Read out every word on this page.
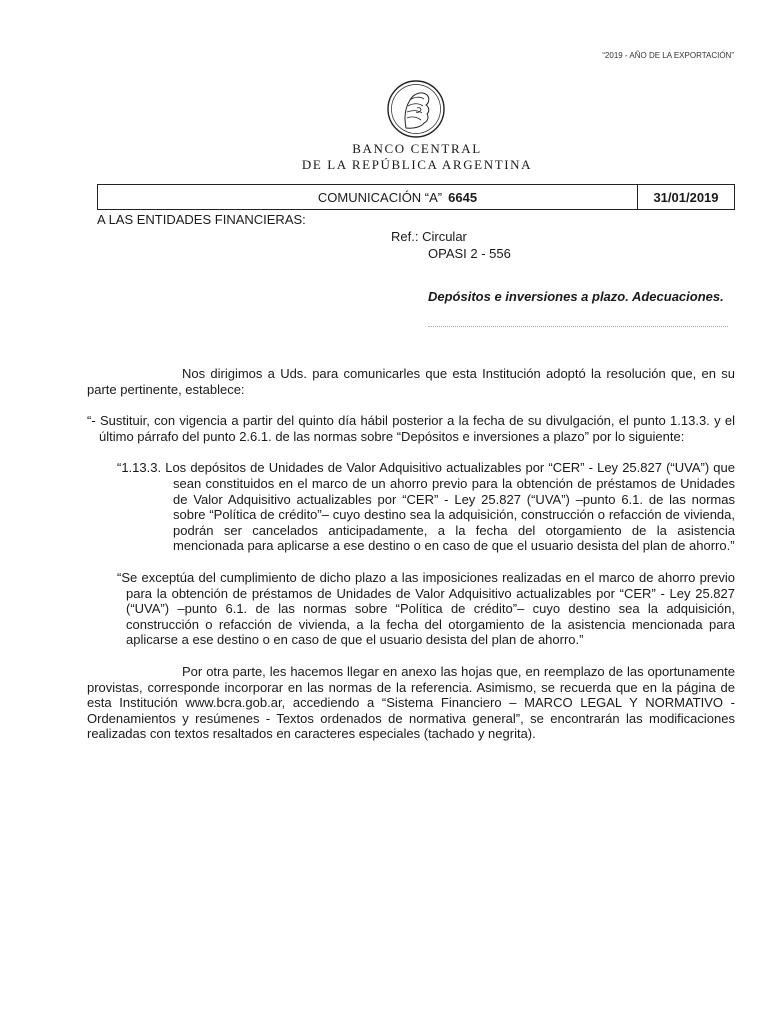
“2019 - AÑO DE LA EXPORTACIÓN”
BANCO CENTRAL
DE LA REPÚBLICA ARGENTINA
COMUNICACIÓN “A” 6645	31/01/2019
A LAS ENTIDADES FINANCIERAS:
Ref.: Circular
OPASI 2 - 556
Depósitos e inversiones a plazo. Adecuaciones.

Nos dirigimos a Uds. para comunicarles que esta Institución adoptó la resolución que, en su parte pertinente, establece:

“- Sustituir, con vigencia a partir del quinto día hábil posterior a la fecha de su divulgación, el punto 1.13.3. y el último párrafo del punto 2.6.1. de las normas sobre “Depósitos e inversiones a plazo” por lo siguiente:

“1.13.3. Los depósitos de Unidades de Valor Adquisitivo actualizables por “CER” - Ley 25.827 (“UVA”) que sean constituidos en el marco de un ahorro previo para la obtención de préstamos de Unidades de Valor Adquisitivo actualizables por “CER” - Ley 25.827 (“UVA”) –punto 6.1. de las normas sobre “Política de crédito”– cuyo destino sea la adquisición, construcción o refacción de vivienda, podrán ser cancelados anticipadamente, a la fecha del otorgamiento de la asistencia mencionada para aplicarse a ese destino o en caso de que el usuario desista del plan de ahorro.”

“Se exceptúa del cumplimiento de dicho plazo a las imposiciones realizadas en el marco de ahorro previo para la obtención de préstamos de Unidades de Valor Adquisitivo actualizables por “CER” - Ley 25.827 (“UVA”) –punto 6.1. de las normas sobre “Política de crédito”– cuyo destino sea la adquisición, construcción o refacción de vivienda, a la fecha del otorgamiento de la asistencia mencionada para aplicarse a ese destino o en caso de que el usuario desista del plan de ahorro.”

Por otra parte, les hacemos llegar en anexo las hojas que, en reemplazo de las oportunamente provistas, corresponde incorporar en las normas de la referencia. Asimismo, se recuerda que en la página de esta Institución www.bcra.gob.ar, accediendo a “Sistema Financiero – MARCO LEGAL Y NORMATIVO - Ordenamientos y resúmenes - Textos ordenados de normativa general”, se encontrarán las modificaciones realizadas con textos resaltados en caracteres especiales (tachado y negrita).
